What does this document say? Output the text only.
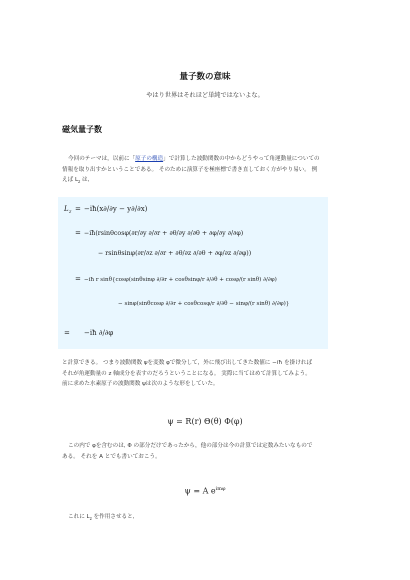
量子数の意味
やはり世界はそれほど単純ではないよな。
磁気量子数
今回のテーマは，以前に「原子の構造」で計算した波動関数の中からどうやって角運動量についての
情報を取り出すかということである。 そのために演算子を極座標で書き直しておく方がやり易い。 例
えば $L_z$ は,
L z = −iħ(x∂/∂y − y∂/∂x)
= −iħ(rsinθcosφ(∂r/∂y ∂/∂r + ∂θ/∂y ∂/∂θ + ∂φ/∂y ∂/∂φ)
− rsinθsinφ(∂r/∂z ∂/∂r + ∂θ/∂z ∂/∂θ + ∂φ/∂z ∂/∂φ))
= −iħ r sinθ{cosφ(sinθsinφ ∂/∂r + cosθsinφ/r ∂/∂θ + cosφ/(r sinθ) ∂/∂φ)
− sinφ(sinθcosφ ∂/∂r + cosθcosφ/r ∂/∂θ − sinφ/(r sinθ) ∂/∂φ)}
= −iħ ∂/∂φ
と計算できる。 つまり波動関数 ψを変数 φで微分して，外に飛び出してきた数値に −iħ を掛ければ
それが角運動量の z 軸成分を表すのだろうということになる。 実際に当てはめて計算してみよう。
前に求めた水素原子の波動関数 ψは次のような形をしていた。
ψ = R(r) Θ(θ) Φ(φ)
この内で φを含むのは, Φ の部分だけであったから，他の部分は今の計算では定数みたいなもので
ある。 それを A とでも書いておこう。
ψ = A $e^{im\varphi}$
これに $L_z$ を作用させると,
